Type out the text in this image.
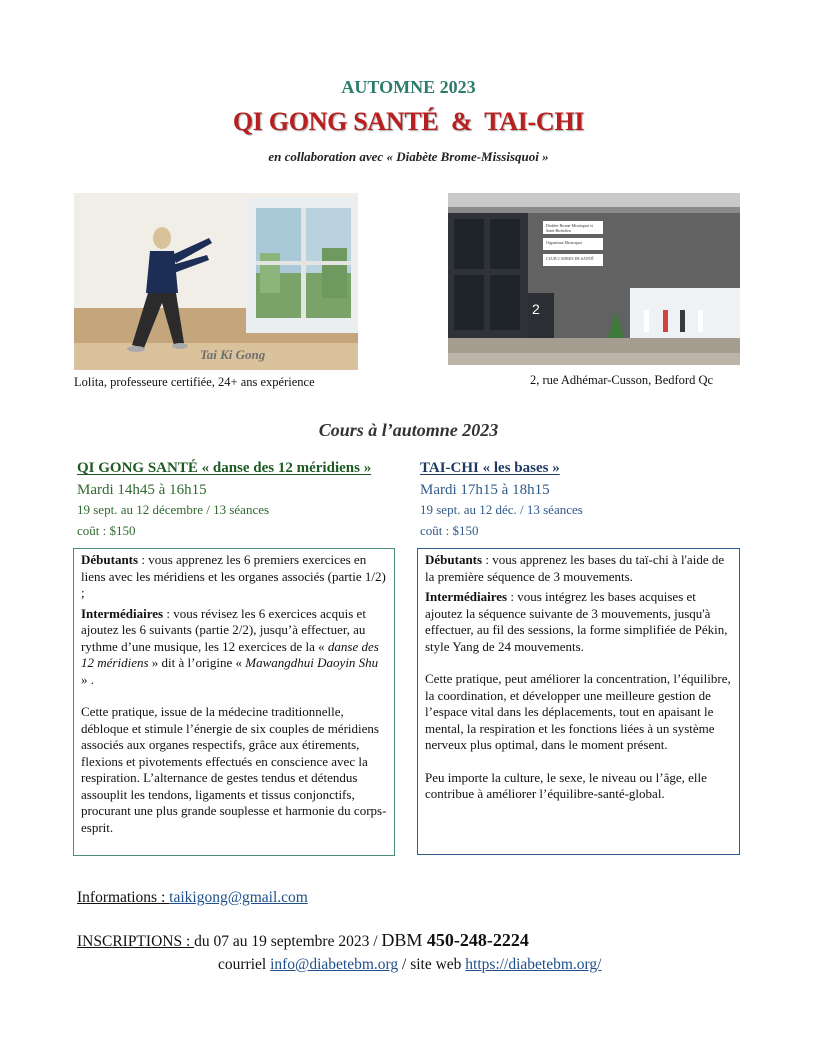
AUTOMNE 2023
QI GONG SANTÉ  &  TAI-CHI
en collaboration avec « Diabète Brome-Missisquoi »
Tai Ki Gong
Lolita, professeure certifiée, 24+ ans expérience
Diabète Brome-Missisquoi et Saint-Richelieu
Organisme Missisquoi
CLUB CADRES DE SANTÉ
2
2, rue Adhémar-Cusson, Bedford Qc
Cours à l’automne 2023
QI GONG SANTÉ « danse des 12 méridiens »
Mardi 14h45 à 16h15
19 sept. au 12 décembre / 13 séances
coût : $150

Débutants : vous apprenez les 6 premiers exercices en liens avec les méridiens et les organes associés (partie 1/2) ;

Intermédiaires : vous révisez les 6 exercices acquis et ajoutez les 6 suivants (partie 2/2), jusqu’à effectuer, au rythme d’une musique, les 12 exercices de la « danse des 12 méridiens » dit à l’origine « Mawangdhui Daoyin Shu » .

Cette pratique, issue de la médecine traditionnelle, débloque et stimule l’énergie de six couples de méridiens associés aux organes respectifs, grâce aux étirements, flexions et pivotements effectués en conscience avec la respiration. L’alternance de gestes tendus et détendus assouplit les tendons, ligaments et tissus conjonctifs, procurant une plus grande souplesse et harmonie du corps-esprit.

TAI-CHI « les bases »
Mardi 17h15 à 18h15
19 sept. au 12 déc. / 13 séances
coût : $150

Débutants : vous apprenez les bases du taï-chi à l'aide de la première séquence de 3 mouvements.

Intermédiaires : vous intégrez les bases acquises et ajoutez la séquence suivante de 3 mouvements, jusqu'à effectuer, au fil des sessions, la forme simplifiée de Pékin, style Yang de 24 mouvements.

Cette pratique, peut améliorer la concentration, l’équilibre, la coordination, et développer une meilleure gestion de l’espace vital dans les déplacements, tout en apaisant le mental, la respiration et les fonctions liées à un système nerveux plus optimal, dans le moment présent.

Peu importe la culture, le sexe, le niveau ou l’âge, elle contribue à améliorer l’équilibre-santé-global.

Informations : taikigong@gmail.com
INSCRIPTIONS : du 07 au 19 septembre 2023 / DBM 450-248-2224
courriel info@diabetebm.org / site web https://diabetebm.org/
